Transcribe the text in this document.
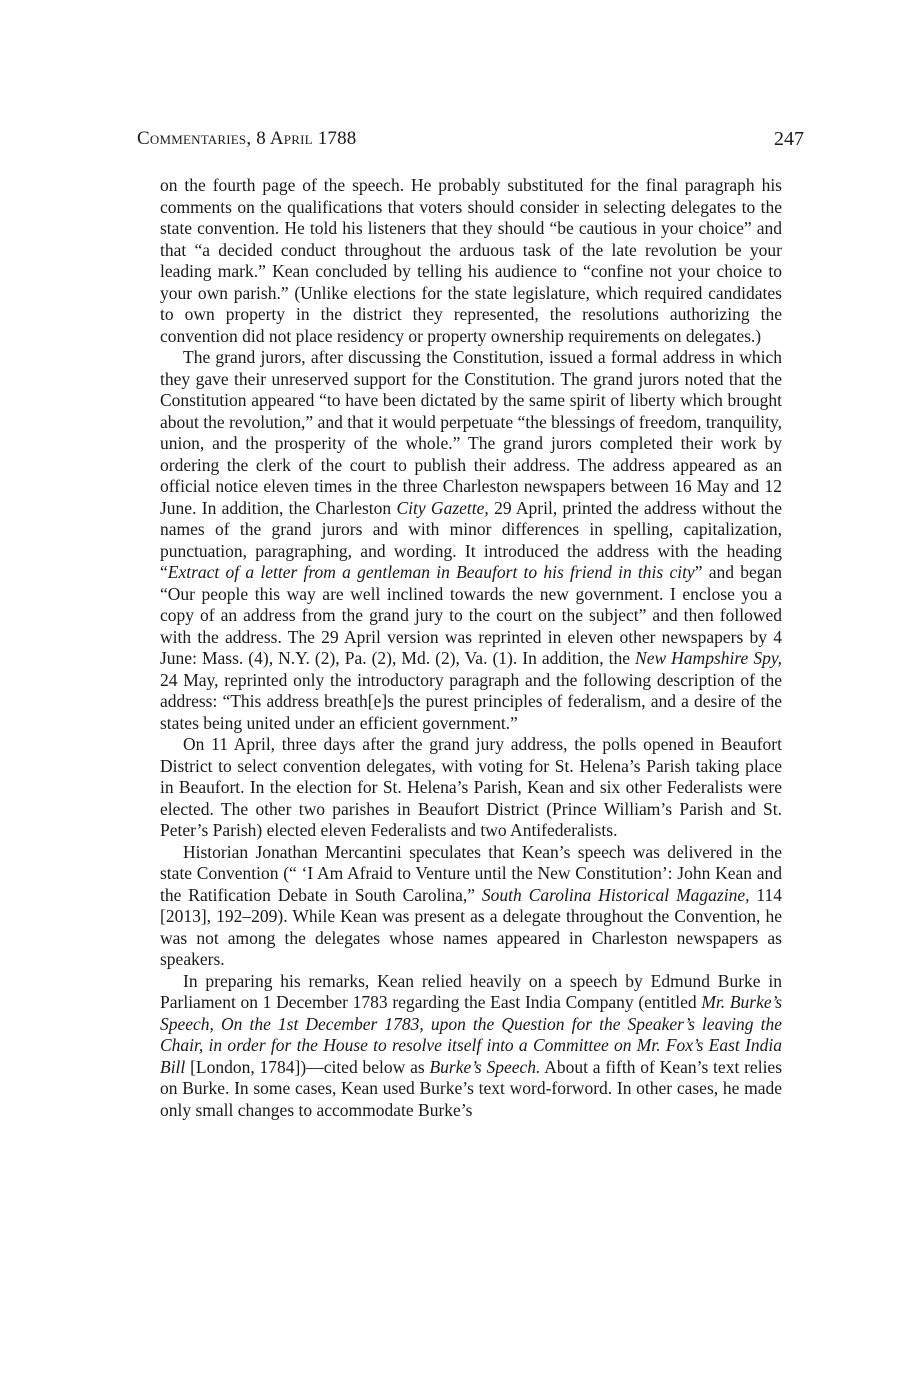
Commentaries, 8 April 1788	247

on the fourth page of the speech. He probably substituted for the final paragraph his comments on the qualifications that voters should consider in selecting delegates to the state convention. He told his listeners that they should “be cautious in your choice” and that “a decided conduct throughout the arduous task of the late revolution be your leading mark.” Kean concluded by telling his audience to “confine not your choice to your own parish.” (Unlike elections for the state legislature, which required candidates to own property in the district they represented, the resolutions authorizing the convention did not place residency or property ownership requirements on delegates.)

The grand jurors, after discussing the Constitution, issued a formal address in which they gave their unreserved support for the Constitution. The grand jurors noted that the Constitution appeared “to have been dictated by the same spirit of liberty which brought about the revolution,” and that it would perpetuate “the blessings of freedom, tranquility, union, and the prosperity of the whole.” The grand jurors completed their work by ordering the clerk of the court to publish their address. The address appeared as an official notice eleven times in the three Charleston newspapers between 16 May and 12 June. In addition, the Charleston City Gazette, 29 April, printed the address without the names of the grand jurors and with minor differences in spelling, capitalization, punctuation, paragraphing, and wording. It introduced the address with the heading “Extract of a letter from a gentleman in Beaufort to his friend in this city” and began “Our people this way are well inclined towards the new government. I enclose you a copy of an address from the grand jury to the court on the subject” and then followed with the address. The 29 April version was reprinted in eleven other newspapers by 4 June: Mass. (4), N.Y. (2), Pa. (2), Md. (2), Va. (1). In addition, the New Hampshire Spy, 24 May, reprinted only the introductory paragraph and the following description of the address: “This address breath[e]s the purest principles of federalism, and a desire of the states being united under an efficient government.”

On 11 April, three days after the grand jury address, the polls opened in Beaufort District to select convention delegates, with voting for St. Helena’s Parish taking place in Beaufort. In the election for St. Helena’s Parish, Kean and six other Federalists were elected. The other two parishes in Beaufort District (Prince William’s Parish and St. Peter’s Parish) elected eleven Federalists and two Antifederalists.

Historian Jonathan Mercantini speculates that Kean’s speech was delivered in the state Convention (“ ‘I Am Afraid to Venture until the New Constitution’: John Kean and the Ratification Debate in South Carolina,” South Carolina Historical Magazine, 114 [2013], 192–209). While Kean was present as a delegate throughout the Convention, he was not among the delegates whose names appeared in Charleston newspapers as speakers.

In preparing his remarks, Kean relied heavily on a speech by Edmund Burke in Parliament on 1 December 1783 regarding the East India Company (entitled Mr. Burke’s Speech, On the 1st December 1783, upon the Question for the Speaker’s leaving the Chair, in order for the House to resolve itself into a Committee on Mr. Fox’s East India Bill [London, 1784])—cited below as Burke’s Speech. About a fifth of Kean’s text relies on Burke. In some cases, Kean used Burke’s text word-forword. In other cases, he made only small changes to accommodate Burke’s
